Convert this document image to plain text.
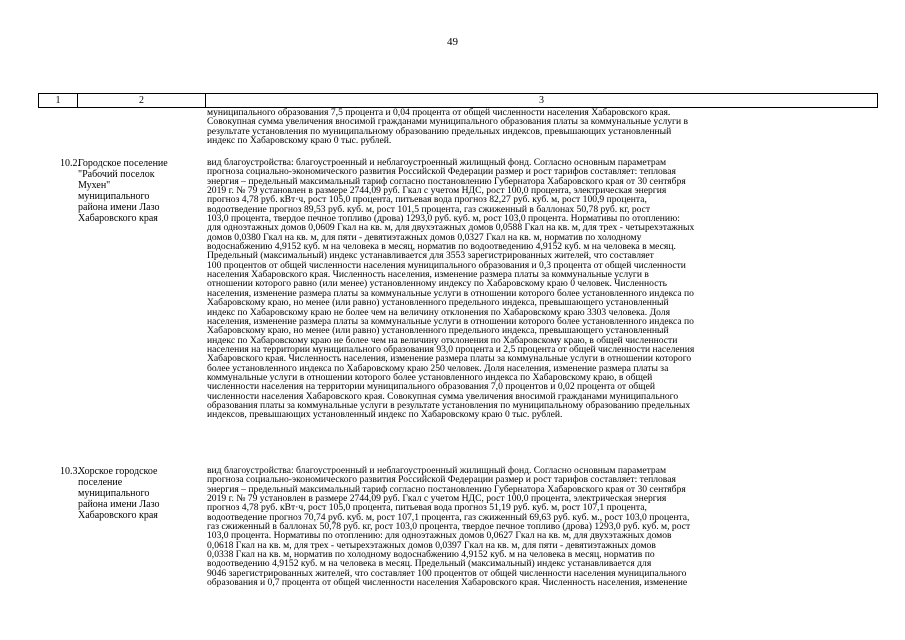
49
1	2	3

муниципального образования 7,5 процента и 0,04 процента от общей численности населения Хабаровского края.

Совокупная сумма увеличения вносимой гражданами муниципального образования платы за коммунальные услуги в

результате установления по муниципальному образованию предельных индексов, превышающих установленный

индекс по Хабаровскому краю 0 тыс. рублей.

10.2.
Городское поселение
"Рабочий поселок
Мухен"
муниципального
района имени Лазо
Хабаровского края

вид благоустройства: благоустроенный и неблагоустроенный жилищный фонд. Согласно основным параметрам

прогноза социально-экономического развития Российской Федерации размер и рост тарифов составляет: тепловая

энергия – предельный максимальный тариф согласно постановлению Губернатора Хабаровского края от 30 сентября

2019 г. № 79 установлен в размере 2744,09 руб. Гкал с учетом НДС, рост 100,0 процента, электрическая энергия

прогноз 4,78 руб. кВт·ч, рост 105,0 процента, питьевая вода прогноз 82,27 руб. куб. м, рост 100,9 процента,

водоотведение прогноз 89,53 руб. куб. м, рост 101,5 процента, газ сжиженный в баллонах 50,78 руб. кг, рост

103,0 процента, твердое печное топливо (дрова) 1293,0 руб. куб. м, рост 103,0 процента. Нормативы по отоплению:

для одноэтажных домов 0,0609 Гкал на кв. м, для двухэтажных домов 0,0588 Гкал на кв. м, для трех - четырехэтажных

домов 0,0380 Гкал на кв. м, для пяти - девятиэтажных домов 0,0327 Гкал на кв. м, норматив по холодному

водоснабжению 4,9152 куб. м на человека в месяц, норматив по водоотведению 4,9152 куб. м на человека в месяц.

Предельный (максимальный) индекс устанавливается для 3553 зарегистрированных жителей, что составляет

100 процентов от общей численности населения муниципального образования и 0,3 процента от общей численности

населения Хабаровского края. Численность населения, изменение размера платы за коммунальные услуги в

отношении которого равно (или менее) установленному индексу по Хабаровскому краю 0 человек. Численность

населения, изменение размера платы за коммунальные услуги в отношении которого более установленного индекса по

Хабаровскому краю, но менее (или равно) установленного предельного индекса, превышающего установленный

индекс по Хабаровскому краю не более чем на величину отклонения по Хабаровскому краю 3303 человека. Доля

населения, изменение размера платы за коммунальные услуги в отношении которого более установленного индекса по

Хабаровскому краю, но менее (или равно) установленного предельного индекса, превышающего установленный

индекс по Хабаровскому краю не более чем на величину отклонения по Хабаровскому краю, в общей численности

населения на территории муниципального образования 93,0 процента и 2,5 процента от общей численности населения

Хабаровского края. Численность населения, изменение размера платы за коммунальные услуги в отношении которого

более установленного индекса по Хабаровскому краю 250 человек. Доля населения, изменение размера платы за

коммунальные услуги в отношении которого более установленного индекса по Хабаровскому краю, в общей

численности населения на территории муниципального образования 7,0 процентов и 0,02 процента от общей

численности населения Хабаровского края. Совокупная сумма увеличения вносимой гражданами муниципального

образования платы за коммунальные услуги в результате установления по муниципальному образованию предельных

индексов, превышающих установленный индекс по Хабаровскому краю 0 тыс. рублей.

10.3.
Хорское городское
поселение
муниципального
района имени Лазо
Хабаровского края

вид благоустройства: благоустроенный и неблагоустроенный жилищный фонд. Согласно основным параметрам

прогноза социально-экономического развития Российской Федерации размер и рост тарифов составляет: тепловая

энергия – предельный максимальный тариф согласно постановлению Губернатора Хабаровского края от 30 сентября

2019 г. № 79 установлен в размере 2744,09 руб. Гкал с учетом НДС, рост 100,0 процента, электрическая энергия

прогноз 4,78 руб. кВт·ч, рост 105,0 процента, питьевая вода прогноз 51,19 руб. куб. м, рост 107,1 процента,

водоотведение прогноз 70,74 руб. куб. м, рост 107,1 процента, газ сжиженный 69,63 руб. куб. м., рост 103,0 процента,

газ сжиженный в баллонах 50,78 руб. кг, рост 103,0 процента, твердое печное топливо (дрова) 1293,0 руб. куб. м, рост

103,0 процента. Нормативы по отоплению: для одноэтажных домов 0,0627 Гкал на кв. м, для двухэтажных домов

0,0618 Гкал на кв. м, для трех - четырехэтажных домов 0,0397 Гкал на кв. м, для пяти - девятиэтажных домов

0,0338 Гкал на кв. м, норматив по холодному водоснабжению 4,9152 куб. м на человека в месяц, норматив по

водоотведению 4,9152 куб. м на человека в месяц. Предельный (максимальный) индекс устанавливается для

9046 зарегистрированных жителей, что составляет 100 процентов от общей численности населения муниципального

образования и 0,7 процента от общей численности населения Хабаровского края. Численность населения, изменение
